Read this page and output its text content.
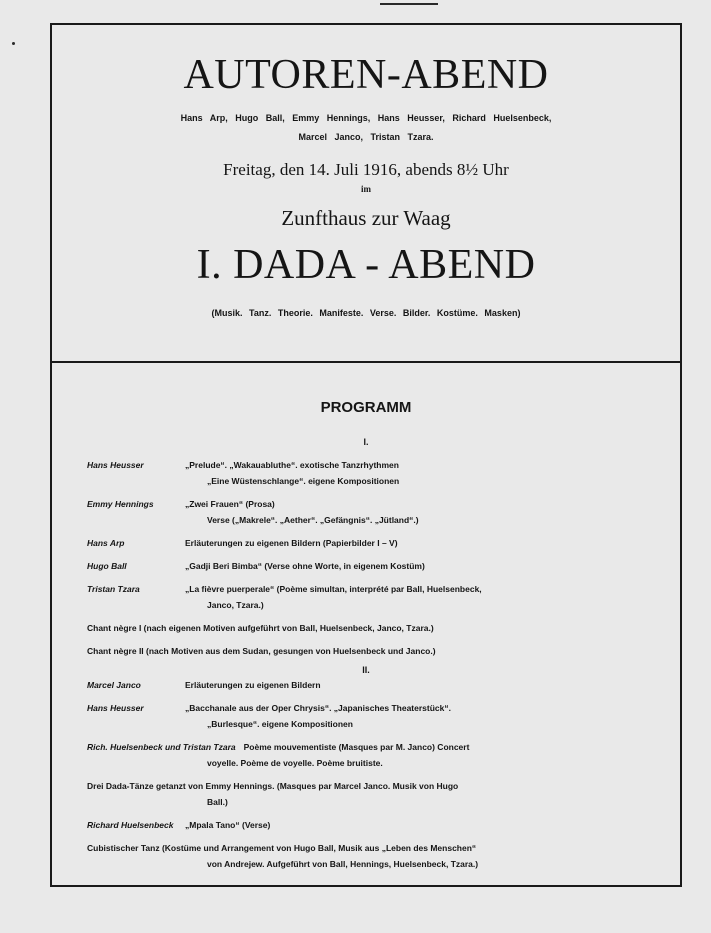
AUTOREN-ABEND
Hans Arp, Hugo Ball, Emmy Hennings, Hans Heusser, Richard Huelsenbeck,
Marcel Janco, Tristan Tzara.
Freitag, den 14. Juli 1916, abends 8½ Uhr
im
Zunfthaus zur Waag
I. DADA - ABEND
(Musik. Tanz. Theorie. Manifeste. Verse. Bilder. Kostüme. Masken)
PROGRAMM
I.
II.
Hans Heusser	„Prelude“. „Wakauabluthe“. exotische Tanzrhythmen
„Eine Wüstenschlange“. eigene Kompositionen
Emmy Hennings	„Zwei Frauen“ (Prosa)
Verse („Makrele“. „Aether“. „Gefängnis“. „Jütland“.)
Hans Arp	Erläuterungen zu eigenen Bildern (Papierbilder I – V)
Hugo Ball	„Gadji Beri Bimba“ (Verse ohne Worte, in eigenem Kostüm)
Tristan Tzara	„La fièvre puerperale“ (Poème simultan, interprété par Ball, Huelsenbeck,
Janco, Tzara.)
Chant nègre I (nach eigenen Motiven aufgeführt von Ball, Huelsenbeck, Janco, Tzara.)
Chant nègre II (nach Motiven aus dem Sudan, gesungen von Huelsenbeck und Janco.)
Marcel Janco	Erläuterungen zu eigenen Bildern
Hans Heusser	„Bacchanale aus der Oper Chrysis“. „Japanisches Theaterstück“.
„Burlesque“. eigene Kompositionen
Rich. Huelsenbeck und Tristan Tzara Poème mouvementiste (Masques par M. Janco) Concert
voyelle. Poème de voyelle. Poème bruitiste.
Drei Dada-Tänze getanzt von Emmy Hennings. (Masques par Marcel Janco. Musik von Hugo
Ball.)
Richard Huelsenbeck „Mpala Tano“ (Verse)
Cubistischer Tanz (Kostüme und Arrangement von Hugo Ball, Musik aus „Leben des Menschen“
von Andrejew. Aufgeführt von Ball, Hennings, Huelsenbeck, Tzara.)
